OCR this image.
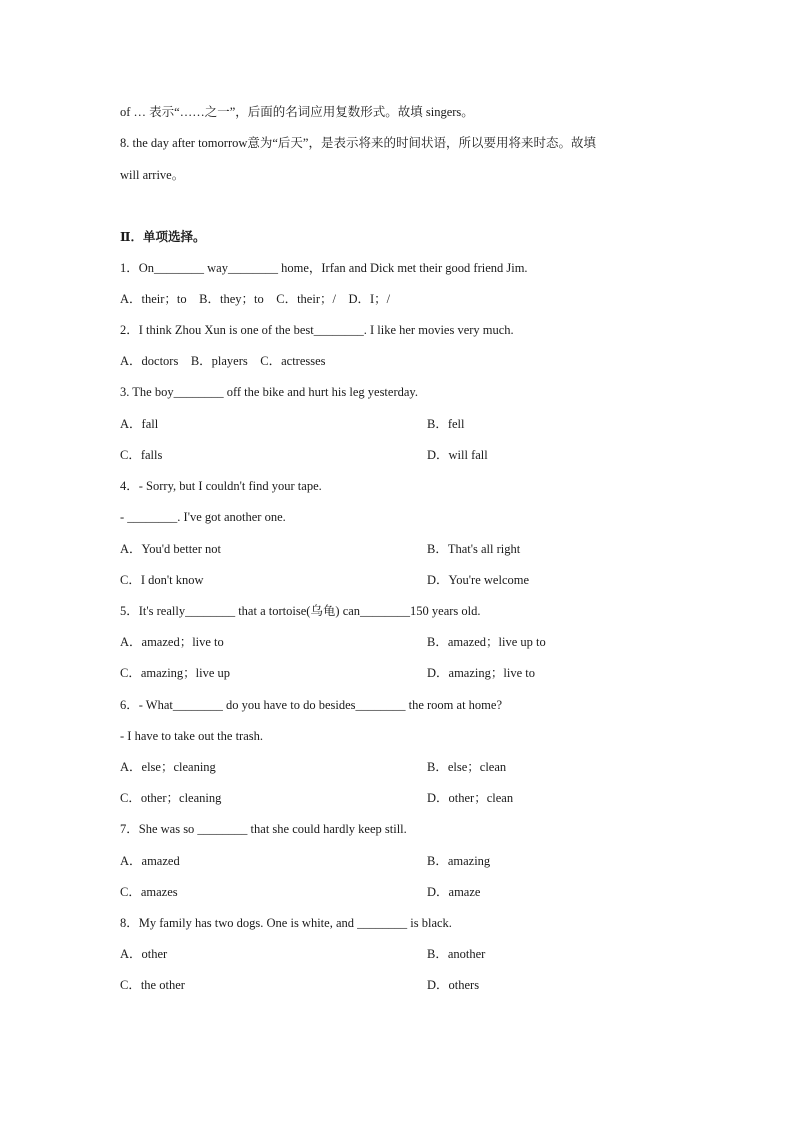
of … 表示“……之一”，后面的名词应用复数形式。故填 singers。
8. the day after tomorrow意为“后天”，是表示将来的时间状语，所以要用将来时态。故填
will arrive。
Ⅱ．单项选择。
1．On________ way________ home，Irfan and Dick met their good friend Jim.
A．their；to　B．they；to　C．their；/　D．I；/
2．I think Zhou Xun is one of the best________. I like her movies very much.
A．doctors　B．players　C．actresses
3. The boy________ off the bike and hurt his leg yesterday.
A．fall	B．fell
C．falls	D．will fall
4．- Sorry, but I couldn't find your tape.
- ________. I've got another one.
A．You'd better not	B．That's all right
C．I don't know	D．You're welcome
5．It's really________ that a tortoise(乌龟) can________150 years old.
A．amazed；live to	B．amazed；live up to
C．amazing；live up	D．amazing；live to
6．- What________ do you have to do besides________ the room at home?
- I have to take out the trash.
A．else；cleaning	B．else；clean
C．other；cleaning	D．other；clean
7．She was so ________ that she could hardly keep still.
A．amazed	B．amazing
C．amazes	D．amaze
8．My family has two dogs. One is white, and ________ is black.
A．other	B．another
C．the other	D．others
